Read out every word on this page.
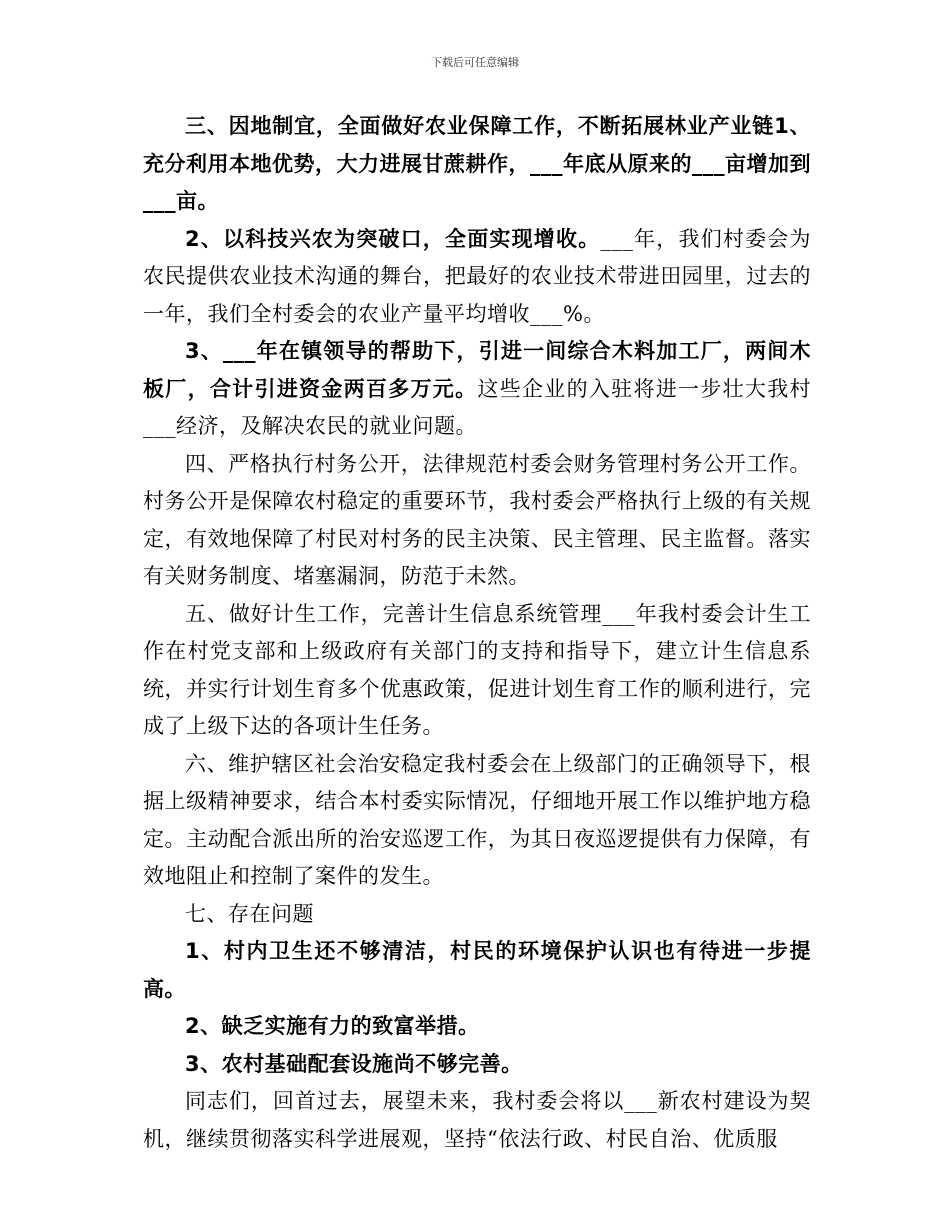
下载后可任意编辑

三、因地制宜，全面做好农业保障工作，不断拓展林业产业链1、充分利用本地优势，大力进展甘蔗耕作，___年底从原来的___亩增加到___亩。

2、以科技兴农为突破口，全面实现增收。___年，我们村委会为农民提供农业技术沟通的舞台，把最好的农业技术带进田园里，过去的一年，我们全村委会的农业产量平均增收___%。

3、___年在镇领导的帮助下，引进一间综合木料加工厂，两间木板厂，合计引进资金两百多万元。这些企业的入驻将进一步壮大我村___经济，及解决农民的就业问题。

四、严格执行村务公开，法律规范村委会财务管理村务公开工作。村务公开是保障农村稳定的重要环节，我村委会严格执行上级的有关规定，有效地保障了村民对村务的民主决策、民主管理、民主监督。落实有关财务制度、堵塞漏洞，防范于未然。

五、做好计生工作，完善计生信息系统管理___年我村委会计生工作在村党支部和上级政府有关部门的支持和指导下，建立计生信息系统，并实行计划生育多个优惠政策，促进计划生育工作的顺利进行，完成了上级下达的各项计生任务。

六、维护辖区社会治安稳定我村委会在上级部门的正确领导下，根据上级精神要求，结合本村委实际情况，仔细地开展工作以维护地方稳定。主动配合派出所的治安巡逻工作，为其日夜巡逻提供有力保障，有效地阻止和控制了案件的发生。

七、存在问题

1、村内卫生还不够清洁，村民的环境保护认识也有待进一步提高。

2、缺乏实施有力的致富举措。

3、农村基础配套设施尚不够完善。

同志们，回首过去，展望未来，我村委会将以___新农村建设为契机，继续贯彻落实科学进展观，坚持“依法行政、村民自治、优质服
